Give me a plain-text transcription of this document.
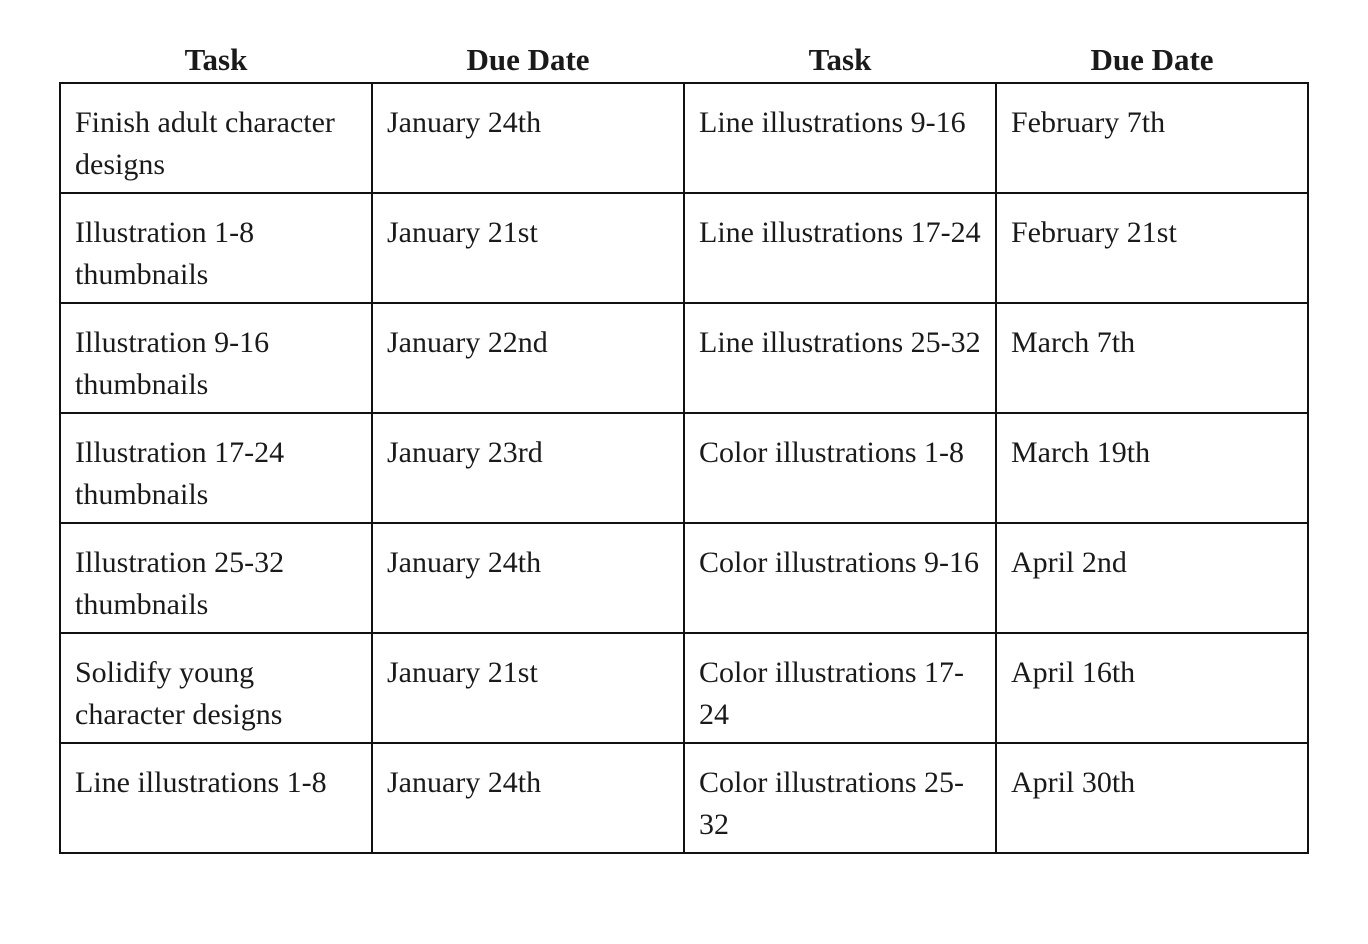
Task	Due Date	Task	Due Date
Finish adult character designs	January 24th	Line illustrations 9-16	February 7th
Illustration 1-8 thumbnails	January 21st	Line illustrations 17-24	February 21st
Illustration 9-16 thumbnails	January 22nd	Line illustrations 25-32	March 7th
Illustration 17-24 thumbnails	January 23rd	Color illustrations 1-8	March 19th
Illustration 25-32 thumbnails	January 24th	Color illustrations 9-16	April 2nd
Solidify young character designs	January 21st	Color illustrations 17-24	April 16th
Line illustrations 1-8	January 24th	Color illustrations 25-32	April 30th
